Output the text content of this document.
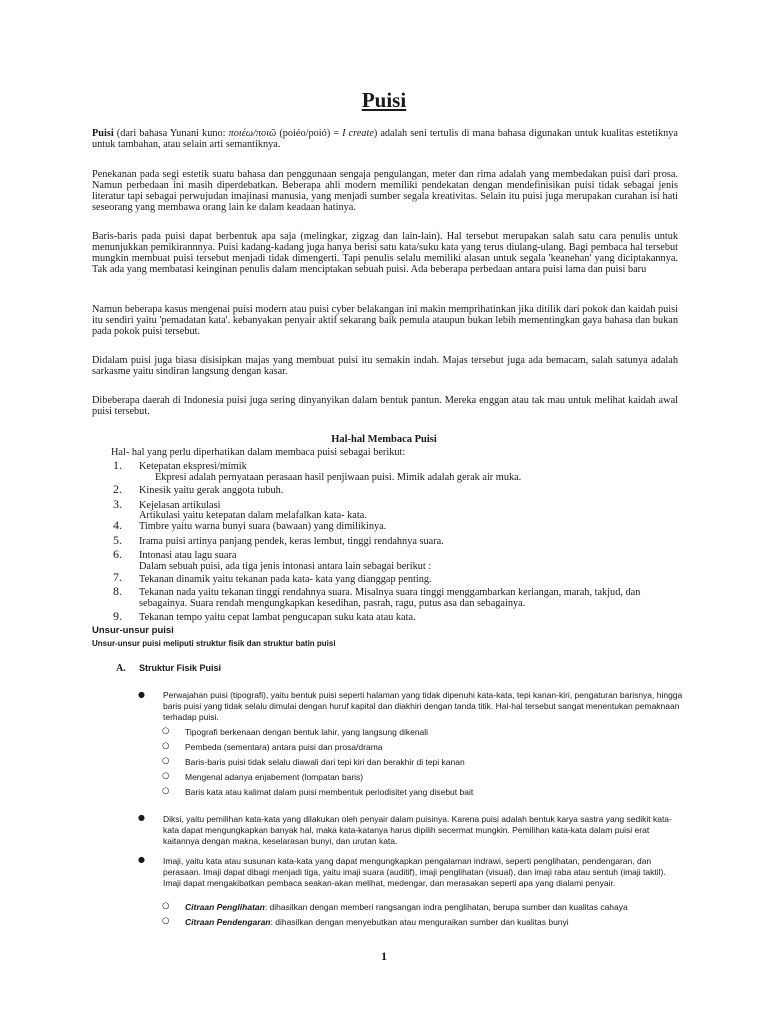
Puisi
Puisi (dari bahasa Yunani kuno: ποιέω/ποιῶ (poiéo/poió) = I create) adalah seni tertulis di mana bahasa digunakan untuk kualitas estetiknya untuk tambahan, atau selain arti semantiknya.
Penekanan pada segi estetik suatu bahasa dan penggunaan sengaja pengulangan, meter dan rima adalah yang membedakan puisi dari prosa. Namun perbedaan ini masih diperdebatkan. Beberapa ahli modern memiliki pendekatan dengan mendefinisikan puisi tidak sebagai jenis literatur tapi sebagai perwujudan imajinasi manusia, yang menjadi sumber segala kreativitas. Selain itu puisi juga merupakan curahan isi hati seseorang yang membawa orang lain ke dalam keadaan hatinya.
Baris-baris pada puisi dapat berbentuk apa saja (melingkar, zigzag dan lain-lain). Hal tersebut merupakan salah satu cara penulis untuk menunjukkan pemikirannnya. Puisi kadang-kadang juga hanya berisi satu kata/suku kata yang terus diulang-ulang. Bagi pembaca hal tersebut mungkin membuat puisi tersebut menjadi tidak dimengerti. Tapi penulis selalu memiliki alasan untuk segala 'keanehan' yang diciptakannya. Tak ada yang membatasi keinginan penulis dalam menciptakan sebuah puisi. Ada beberapa perbedaan antara puisi lama dan puisi baru
Namun beberapa kasus mengenai puisi modern atau puisi cyber belakangan ini makin memprihatinkan jika ditilik dari pokok dan kaidah puisi itu sendiri yaitu 'pemadatan kata'. kebanyakan penyair aktif sekarang baik pemula ataupun bukan lebih mementingkan gaya bahasa dan bukan pada pokok puisi tersebut.
Didalam puisi juga biasa disisipkan majas yang membuat puisi itu semakin indah. Majas tersebut juga ada bemacam, salah satunya adalah sarkasme yaitu sindiran langsung dengan kasar.
Dibeberapa daerah di Indonesia puisi juga sering dinyanyikan dalam bentuk pantun. Mereka enggan atau tak mau untuk melihat kaidah awal puisi tersebut.
Hal-hal Membaca Puisi
Hal- hal yang perlu diperhatikan dalam membaca puisi sebagai berikut:
1.	Ketepatan ekspresi/mimik
Ekpresi adalah pernyataan perasaan hasil penjiwaan puisi. Mimik adalah gerak air muka.
2.	Kinesik yaitu gerak anggota tubuh.
3.	Kejelasan artikulasi
Artikulasi yaitu ketepatan dalam melafalkan kata- kata.
4.	Timbre yaitu warna bunyi suara (bawaan) yang dimilikinya.
5.	Irama puisi artinya panjang pendek, keras lembut, tinggi rendahnya suara.
6.	Intonasi atau lagu suara
Dalam sebuah puisi, ada tiga jenis intonasi antara lain sebagai berikut :
7.	Tekanan dinamik yaitu tekanan pada kata- kata yang dianggap penting.
8.	Tekanan nada yaitu tekanan tinggi rendahnya suara. Misalnya suara tinggi menggambarkan keriangan, marah, takjud, dan
sebagainya. Suara rendah mengungkapkan kesedihan, pasrah, ragu, putus asa dan sebagainya.
9.	Tekanan tempo yaitu cepat lambat pengucapan suku kata atau kata.
Unsur-unsur puisi
Unsur-unsur puisi meliputi struktur fisik dan struktur batin puisi
A. Struktur Fisik Puisi
● Perwajahan puisi (tipografi), yaitu bentuk puisi seperti halaman yang tidak dipenuhi kata-kata, tepi kanan-kiri, pengaturan barisnya, hingga baris puisi yang tidak selalu dimulai dengan huruf kapital dan diakhiri dengan tanda titik. Hal-hal tersebut sangat menentukan pemaknaan terhadap puisi.
○ Tipografi berkenaan dengan bentuk lahir, yang langsung dikenali
○ Pembeda (sementara) antara puisi dan prosa/drama
○ Baris-baris puisi tidak selalu diawali dari tepi kiri dan berakhir di tepi kanan
○ Mengenal adanya enjabement (lompatan baris)
○ Baris kata atau kalimat dalam puisi membentuk periodisitet yang disebut bait
● Diksi, yaitu pemilihan kata-kata yang dilakukan oleh penyair dalam puisinya. Karena puisi adalah bentuk karya sastra yang sedikit kata-kata dapat mengungkapkan banyak hal, maka kata-katanya harus dipilih secermat mungkin. Pemilihan kata-kata dalam puisi erat kaitannya dengan makna, keselarasan bunyi, dan urutan kata.
● Imaji, yaitu kata atau susunan kata-kata yang dapat mengungkapkan pengalaman indrawi, seperti penglihatan, pendengaran, dan perasaan. Imaji dapat dibagi menjadi tiga, yaitu imaji suara (auditif), imaji penglihatan (visual), dan imaji raba atau sentuh (imaji taktil). Imaji dapat mengakibatkan pembaca seakan-akan melihat, medengar, dan merasakan seperti apa yang dialami penyair.
○ Citraan Penglihatan: dihasilkan dengan memberi rangsangan indra penglihatan, berupa sumber dan kualitas cahaya
○ Citraan Pendengaran: dihasilkan dengan menyebutkan atau menguraikan sumber dan kualitas bunyi
1
